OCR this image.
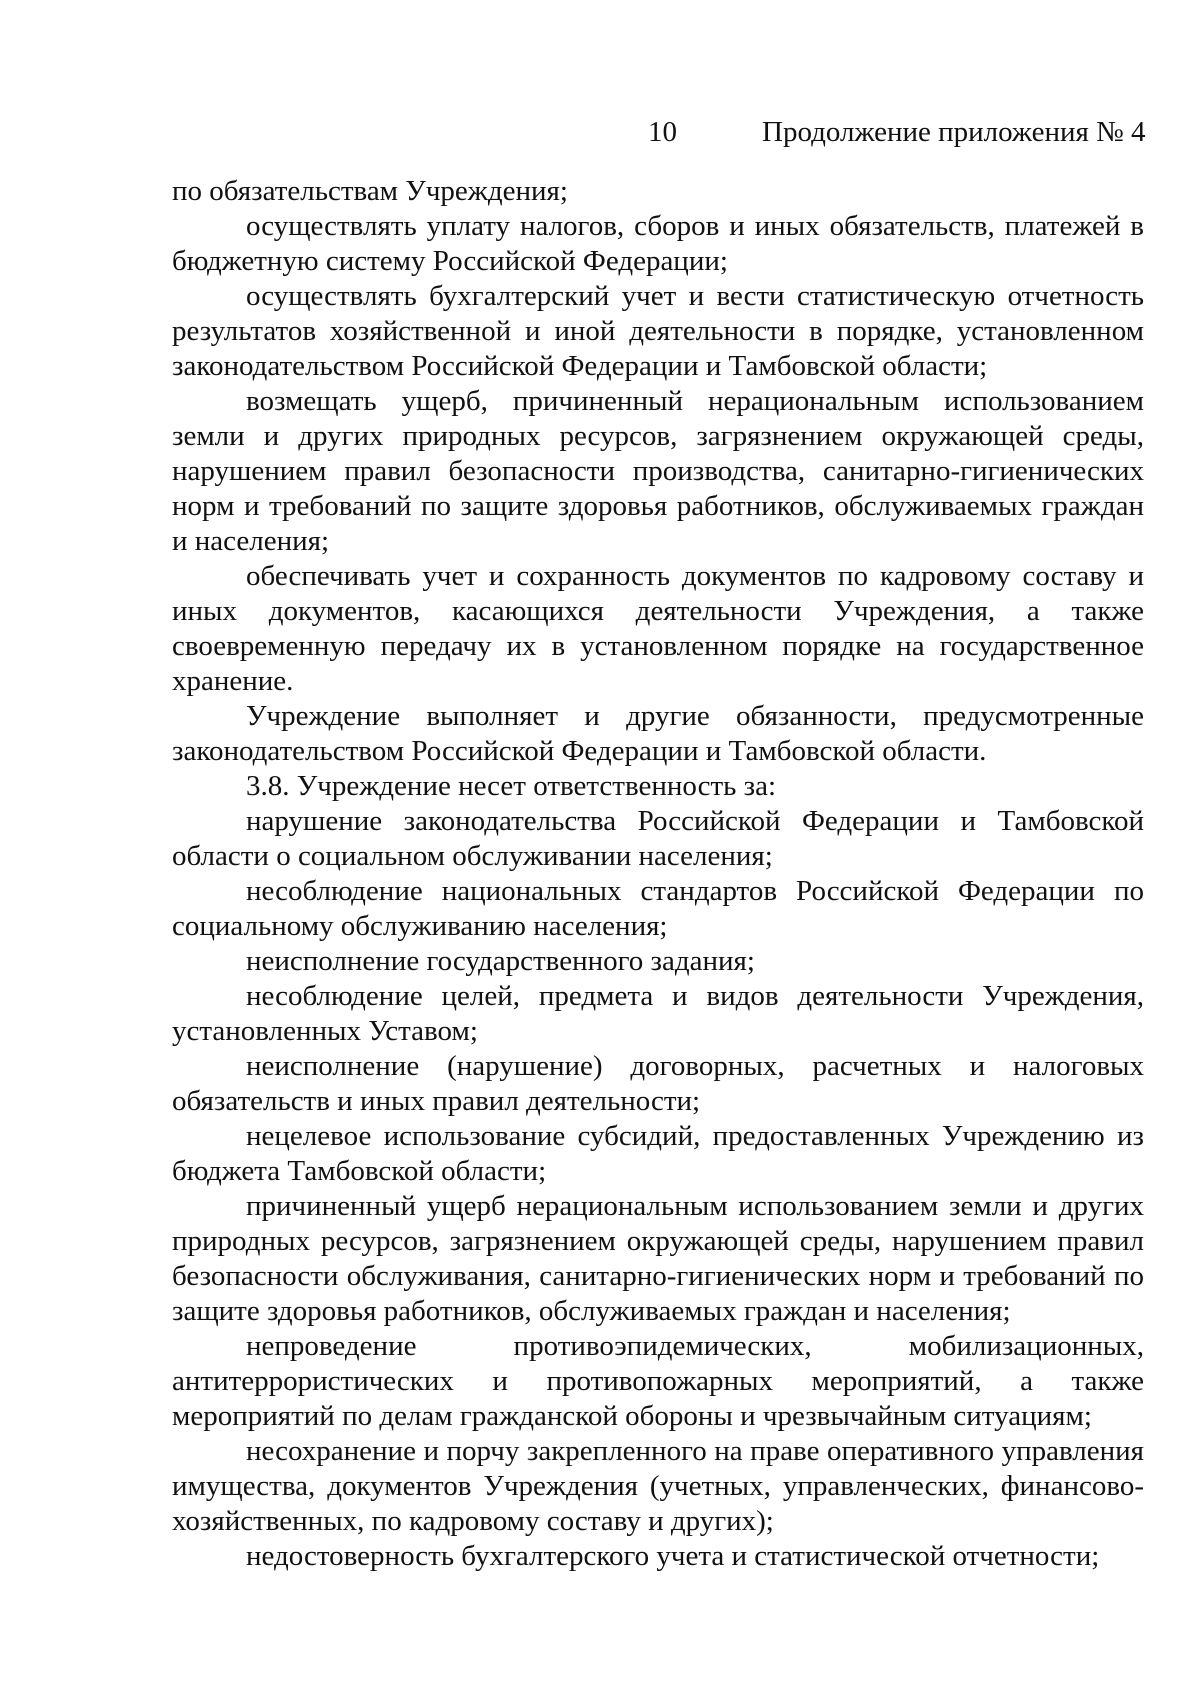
10	Продолжение приложения № 4

по обязательствам Учреждения;

осуществлять уплату налогов, сборов и иных обязательств, платежей в бюджетную систему Российской Федерации;

осуществлять бухгалтерский учет и вести статистическую отчетность результатов хозяйственной и иной деятельности в порядке, установленном законодательством Российской Федерации и Тамбовской области;

возмещать ущерб, причиненный нерациональным использованием земли и других природных ресурсов, загрязнением окружающей среды, нарушением правил безопасности производства, санитарно-гигиенических норм и требований по защите здоровья работников, обслуживаемых граждан и населения;

обеспечивать учет и сохранность документов по кадровому составу и иных документов, касающихся деятельности Учреждения, а также своевременную передачу их в установленном порядке на государственное хранение.

Учреждение выполняет и другие обязанности, предусмотренные законодательством Российской Федерации и Тамбовской области.

3.8. Учреждение несет ответственность за:

нарушение законодательства Российской Федерации и Тамбовской области о социальном обслуживании населения;

несоблюдение национальных стандартов Российской Федерации по социальному обслуживанию населения;

неисполнение государственного задания;

несоблюдение целей, предмета и видов деятельности Учреждения, установленных Уставом;

неисполнение (нарушение) договорных, расчетных и налоговых обязательств и иных правил деятельности;

нецелевое использование субсидий, предоставленных Учреждению из бюджета Тамбовской области;

причиненный ущерб нерациональным использованием земли и других природных ресурсов, загрязнением окружающей среды, нарушением правил безопасности обслуживания, санитарно-гигиенических норм и требований по защите здоровья работников, обслуживаемых граждан и населения;

непроведение противоэпидемических, мобилизационных, антитеррористических и противопожарных мероприятий, а также мероприятий по делам гражданской обороны и чрезвычайным ситуациям;

несохранение и порчу закрепленного на праве оперативного управления имущества, документов Учреждения (учетных, управленческих, финансово-хозяйственных, по кадровому составу и других);

недостоверность бухгалтерского учета и статистической отчетности;
